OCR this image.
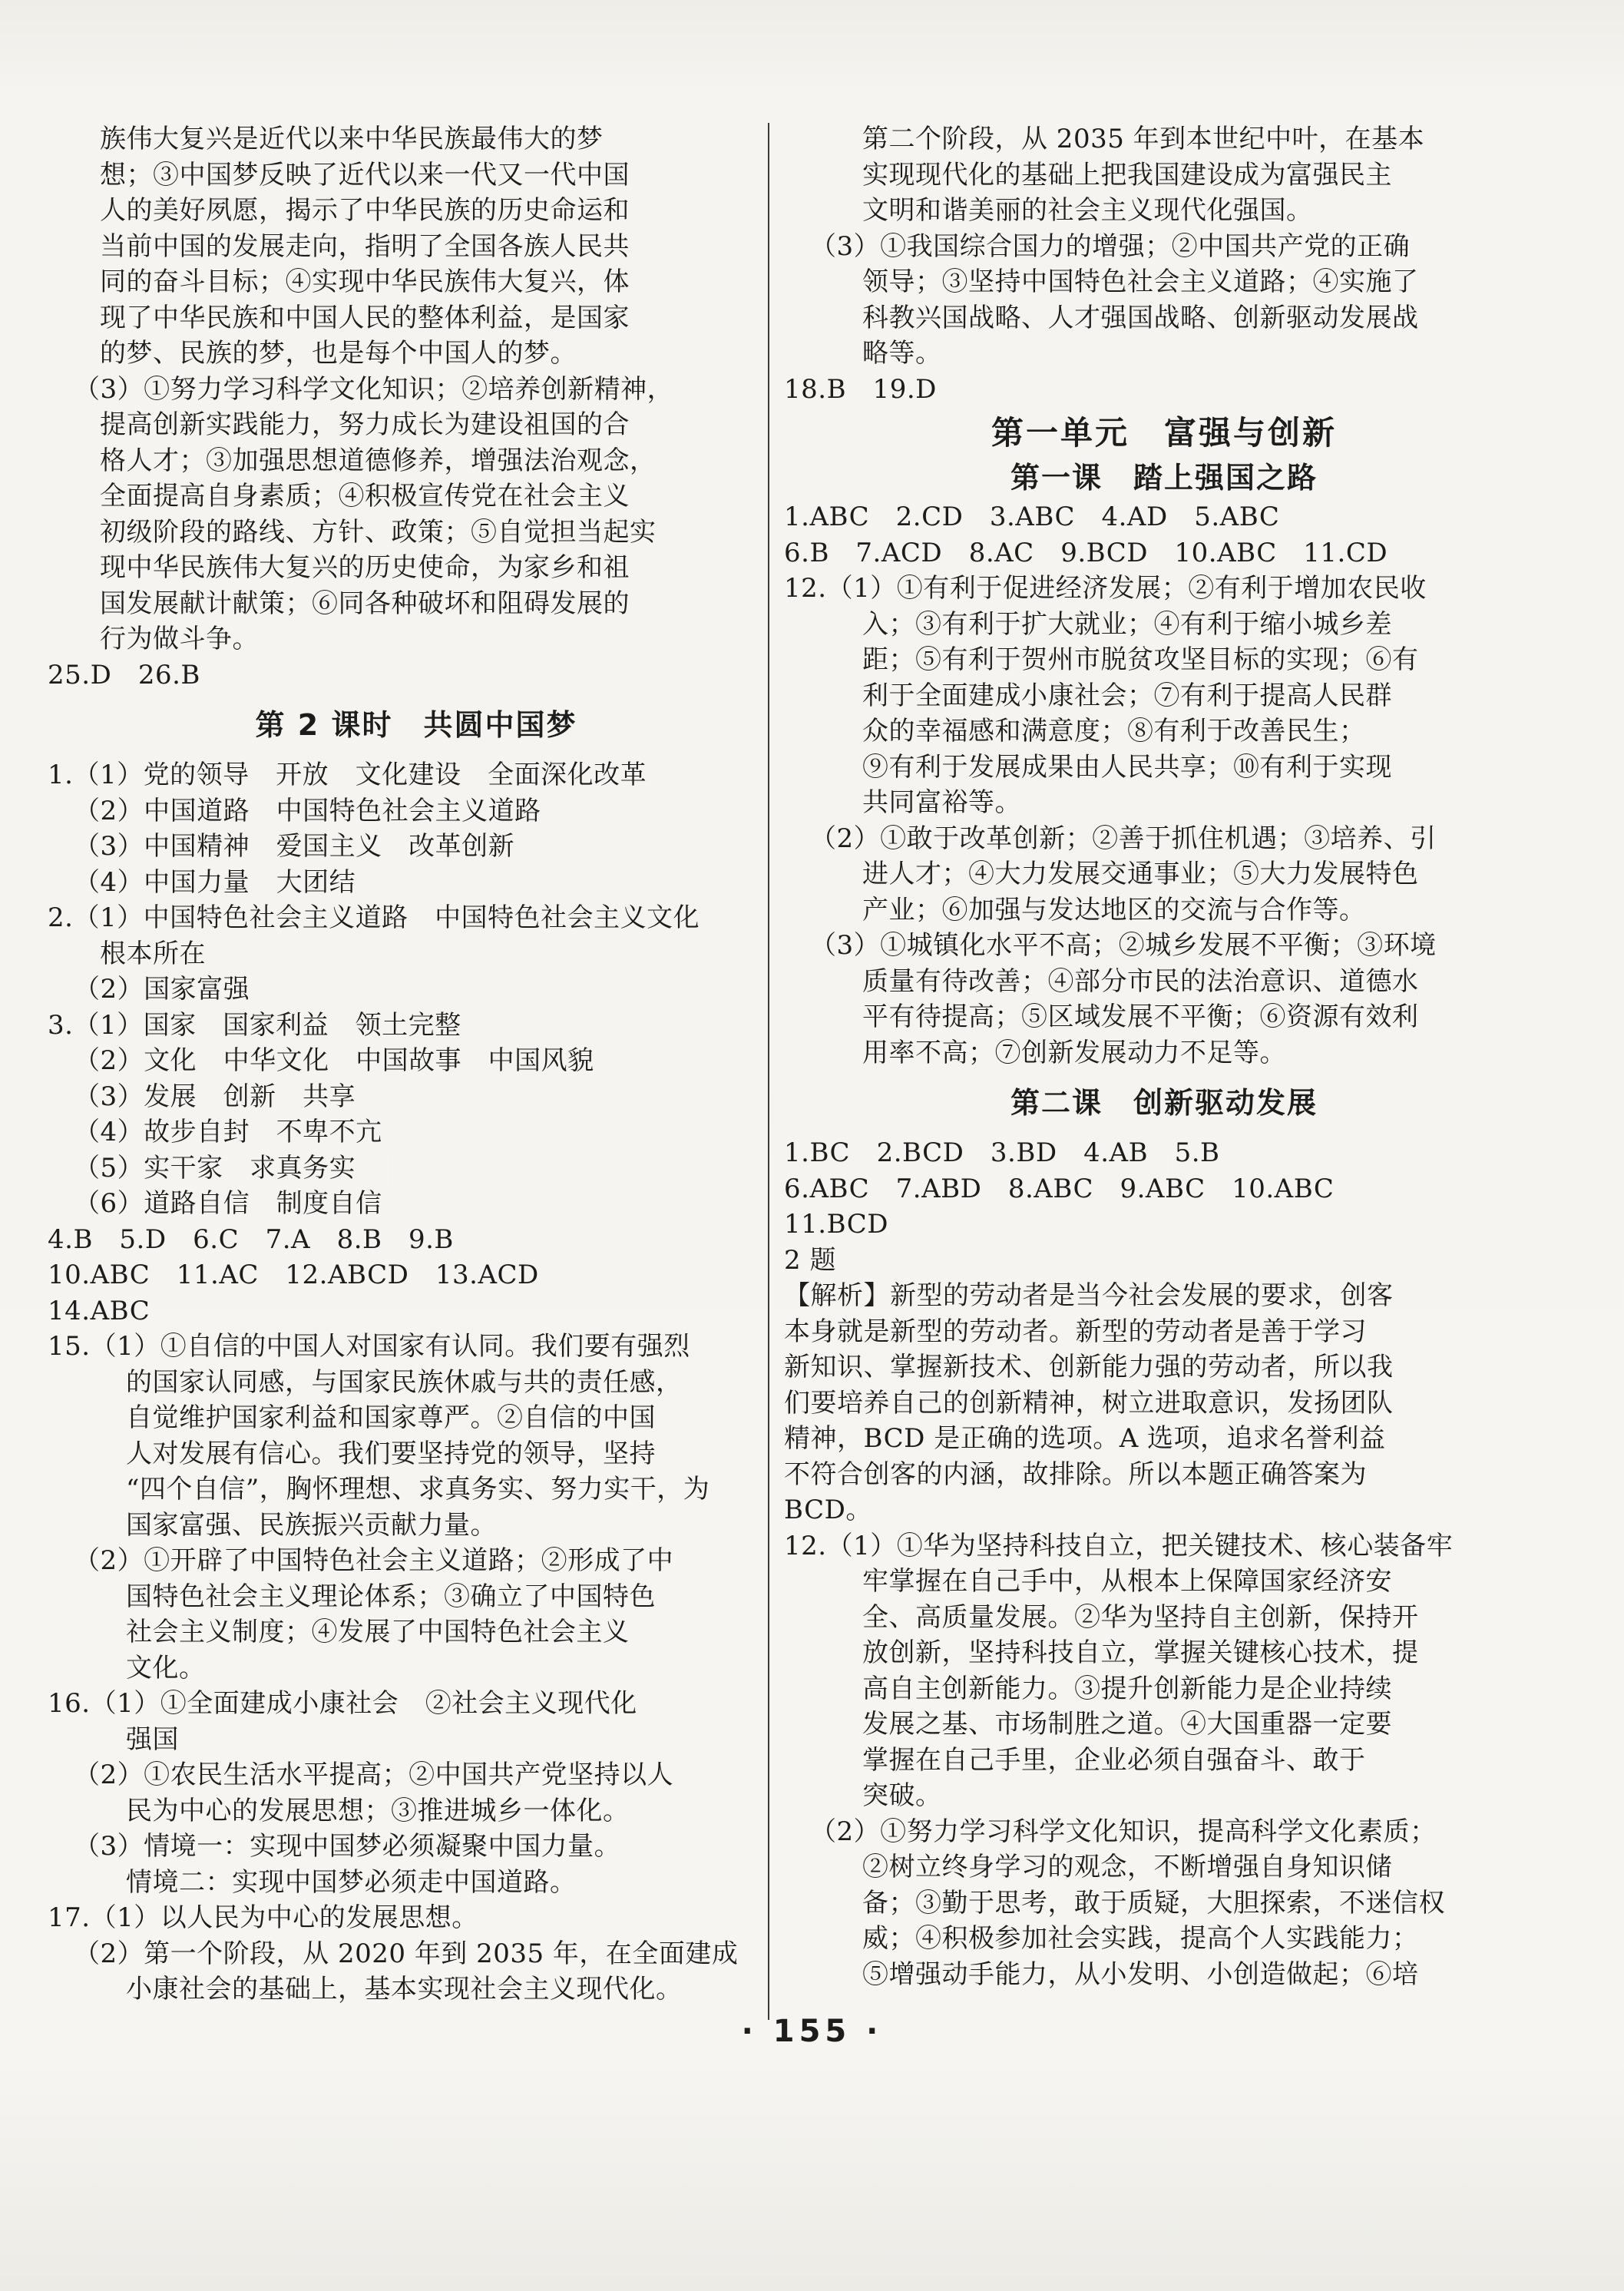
族伟大复兴是近代以来中华民族最伟大的梦
想；③中国梦反映了近代以来一代又一代中国
人的美好夙愿，揭示了中华民族的历史命运和
当前中国的发展走向，指明了全国各族人民共
同的奋斗目标；④实现中华民族伟大复兴，体
现了中华民族和中国人民的整体利益，是国家
的梦、民族的梦，也是每个中国人的梦。
（3）①努力学习科学文化知识；②培养创新精神，
提高创新实践能力，努力成长为建设祖国的合
格人才；③加强思想道德修养，增强法治观念，
全面提高自身素质；④积极宣传党在社会主义
初级阶段的路线、方针、政策；⑤自觉担当起实
现中华民族伟大复兴的历史使命，为家乡和祖
国发展献计献策；⑥同各种破坏和阻碍发展的
行为做斗争。
25.D　26.B
第 2 课时　共圆中国梦
1.（1）党的领导　开放　文化建设　全面深化改革
（2）中国道路　中国特色社会主义道路
（3）中国精神　爱国主义　改革创新
（4）中国力量　大团结
2.（1）中国特色社会主义道路　中国特色社会主义文化
根本所在
（2）国家富强
3.（1）国家　国家利益　领土完整
（2）文化　中华文化　中国故事　中国风貌
（3）发展　创新　共享
（4）故步自封　不卑不亢
（5）实干家　求真务实
（6）道路自信　制度自信
4.B　5.D　6.C　7.A　8.B　9.B
10.ABC　11.AC　12.ABCD　13.ACD
14.ABC
15.（1）①自信的中国人对国家有认同。我们要有强烈
的国家认同感，与国家民族休戚与共的责任感，
自觉维护国家利益和国家尊严。②自信的中国
人对发展有信心。我们要坚持党的领导，坚持
“四个自信”，胸怀理想、求真务实、努力实干，为
国家富强、民族振兴贡献力量。
（2）①开辟了中国特色社会主义道路；②形成了中
国特色社会主义理论体系；③确立了中国特色
社会主义制度；④发展了中国特色社会主义
文化。
16.（1）①全面建成小康社会　②社会主义现代化
强国
（2）①农民生活水平提高；②中国共产党坚持以人
民为中心的发展思想；③推进城乡一体化。
（3）情境一：实现中国梦必须凝聚中国力量。
情境二：实现中国梦必须走中国道路。
17.（1）以人民为中心的发展思想。
（2）第一个阶段，从 2020 年到 2035 年，在全面建成
小康社会的基础上，基本实现社会主义现代化。
第二个阶段，从 2035 年到本世纪中叶，在基本
实现现代化的基础上把我国建设成为富强民主
文明和谐美丽的社会主义现代化强国。
（3）①我国综合国力的增强；②中国共产党的正确
领导；③坚持中国特色社会主义道路；④实施了
科教兴国战略、人才强国战略、创新驱动发展战
略等。
18.B　19.D
第一单元　富强与创新
第一课　踏上强国之路
1.ABC　2.CD　3.ABC　4.AD　5.ABC
6.B　7.ACD　8.AC　9.BCD　10.ABC　11.CD
12.（1）①有利于促进经济发展；②有利于增加农民收
入；③有利于扩大就业；④有利于缩小城乡差
距；⑤有利于贺州市脱贫攻坚目标的实现；⑥有
利于全面建成小康社会；⑦有利于提高人民群
众的幸福感和满意度；⑧有利于改善民生；
⑨有利于发展成果由人民共享；⑩有利于实现
共同富裕等。
（2）①敢于改革创新；②善于抓住机遇；③培养、引
进人才；④大力发展交通事业；⑤大力发展特色
产业；⑥加强与发达地区的交流与合作等。
（3）①城镇化水平不高；②城乡发展不平衡；③环境
质量有待改善；④部分市民的法治意识、道德水
平有待提高；⑤区域发展不平衡；⑥资源有效利
用率不高；⑦创新发展动力不足等。
第二课　创新驱动发展
1.BC　2.BCD　3.BD　4.AB　5.B
6.ABC　7.ABD　8.ABC　9.ABC　10.ABC
11.BCD
2 题
【解析】新型的劳动者是当今社会发展的要求，创客
本身就是新型的劳动者。新型的劳动者是善于学习
新知识、掌握新技术、创新能力强的劳动者，所以我
们要培养自己的创新精神，树立进取意识，发扬团队
精神，BCD 是正确的选项。A 选项，追求名誉利益
不符合创客的内涵，故排除。所以本题正确答案为
BCD。
12.（1）①华为坚持科技自立，把关键技术、核心装备牢
牢掌握在自己手中，从根本上保障国家经济安
全、高质量发展。②华为坚持自主创新，保持开
放创新，坚持科技自立，掌握关键核心技术，提
高自主创新能力。③提升创新能力是企业持续
发展之基、市场制胜之道。④大国重器一定要
掌握在自己手里，企业必须自强奋斗、敢于
突破。
（2）①努力学习科学文化知识，提高科学文化素质；
②树立终身学习的观念，不断增强自身知识储
备；③勤于思考，敢于质疑，大胆探索，不迷信权
威；④积极参加社会实践，提高个人实践能力；
⑤增强动手能力，从小发明、小创造做起；⑥培
· 155 ·
